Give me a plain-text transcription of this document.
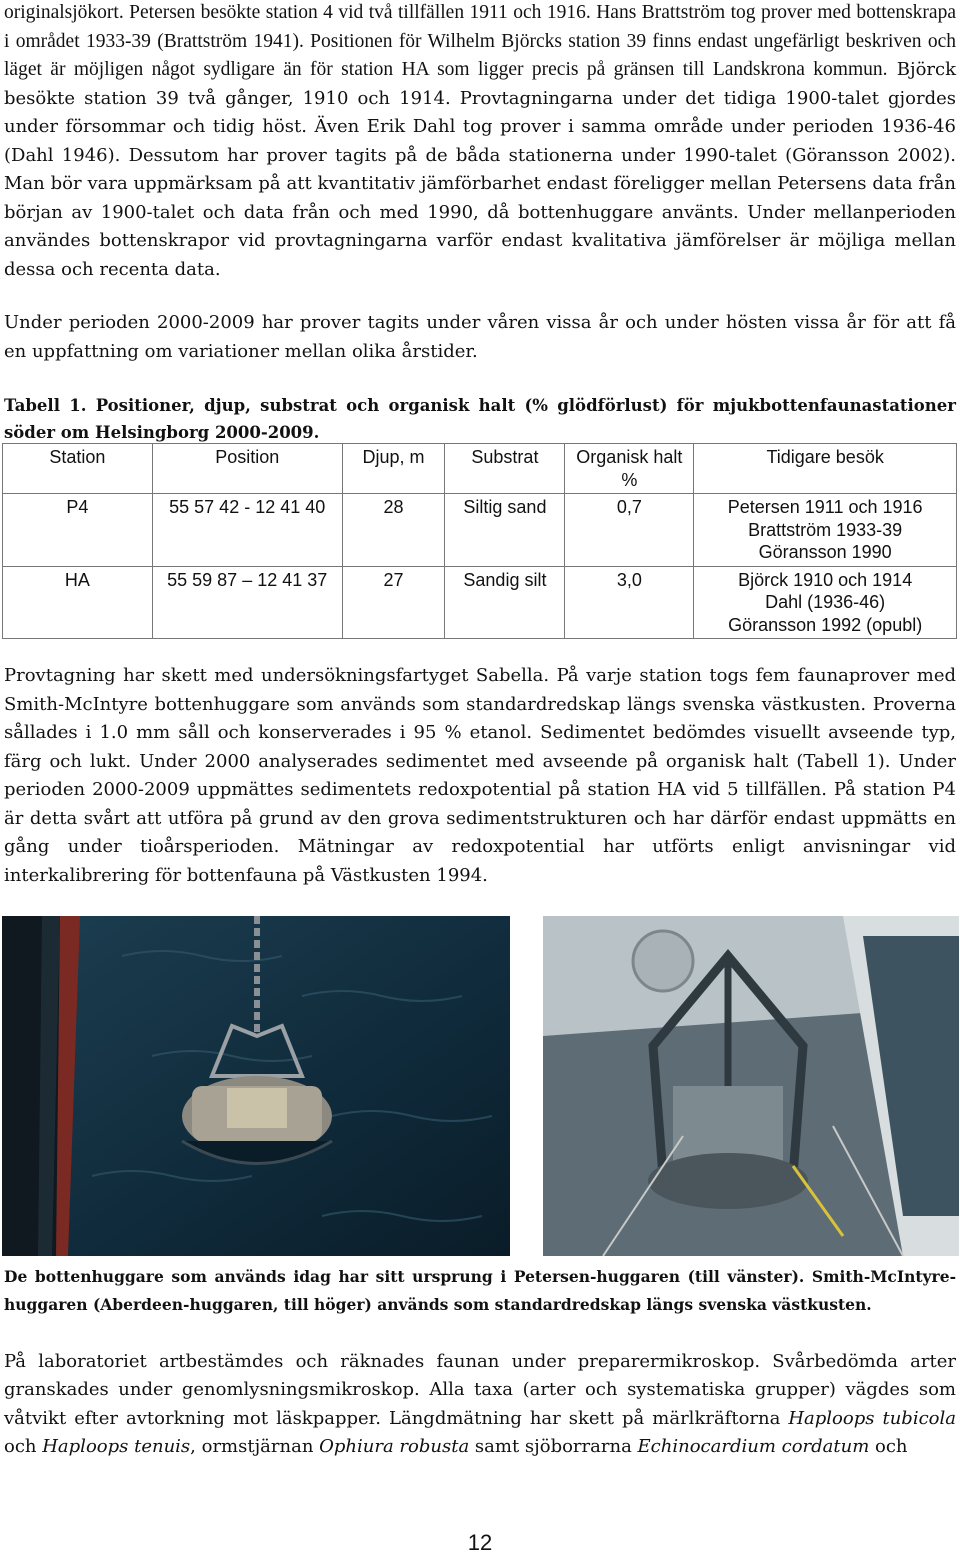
originalsjökort. Petersen besökte station 4 vid två tillfällen 1911 och 1916. Hans Brattström tog prover med bottenskrapa i området 1933-39 (Brattström 1941). Positionen för Wilhelm Björcks station 39 finns endast ungefärligt beskriven och läget är möjligen något sydligare än för station HA som ligger precis på gränsen till Landskrona kommun. Björck besökte station 39 två gånger, 1910 och 1914. Provtagningarna under det tidiga 1900-talet gjordes under försommar och tidig höst. Även Erik Dahl tog prover i samma område under perioden 1936-46 (Dahl 1946). Dessutom har prover tagits på de båda stationerna under 1990-talet (Göransson 2002). Man bör vara uppmärksam på att kvantitativ jämförbarhet endast föreligger mellan Petersens data från början av 1900-talet och data från och med 1990, då bottenhuggare använts. Under mellanperioden användes bottenskrapor vid provtagningarna varför endast kvalitativa jämförelser är möjliga mellan dessa och recenta data.

Under perioden 2000-2009 har prover tagits under våren vissa år och under hösten vissa år för att få en uppfattning om variationer mellan olika årstider.

Tabell 1. Positioner, djup, substrat och organisk halt (% glödförlust) för mjukbottenfaunastationer söder om Helsingborg 2000-2009.

Station	Position	Djup, m	Substrat	Organisk halt %	Tidigare besök
P4	55 57 42 - 12 41 40	28	Siltig sand	0,7	Petersen 1911 och 1916
Brattström 1933-39
Göransson 1990

HA	55 59 87 – 12 41 37	27	Sandig silt	3,0	Björck 1910 och 1914
Dahl (1936-46)
Göransson 1992 (opubl)

Provtagning har skett med undersökningsfartyget Sabella. På varje station togs fem faunaprover med Smith-McIntyre bottenhuggare som används som standardredskap längs svenska västkusten. Proverna sållades i 1.0 mm såll och konserverades i 95 % etanol. Sedimentet bedömdes visuellt avseende typ, färg och lukt. Under 2000 analyserades sedimentet med avseende på organisk halt (Tabell 1). Under perioden 2000-2009 uppmättes sedimentets redoxpotential på station HA vid 5 tillfällen. På station P4 är detta svårt att utföra på grund av den grova sedimentstrukturen och har därför endast uppmätts en gång under tioårsperioden. Mätningar av redoxpotential har utförts enligt anvisningar vid interkalibrering för bottenfauna på Västkusten 1994.

De bottenhuggare som används idag har sitt ursprung i Petersen-huggaren (till vänster). Smith-McIntyre-huggaren (Aberdeen-huggaren, till höger) används som standardredskap längs svenska västkusten.

På laboratoriet artbestämdes och räknades faunan under preparermikroskop. Svårbedömda arter granskades under genomlysningsmikroskop. Alla taxa (arter och systematiska grupper) vägdes som våtvikt efter avtorkning mot läskpapper. Längdmätning har skett på märlkräftorna Haploops tubicola och Haploops tenuis, ormstjärnan Ophiura robusta samt sjöborrarna Echinocardium cordatum och

12
